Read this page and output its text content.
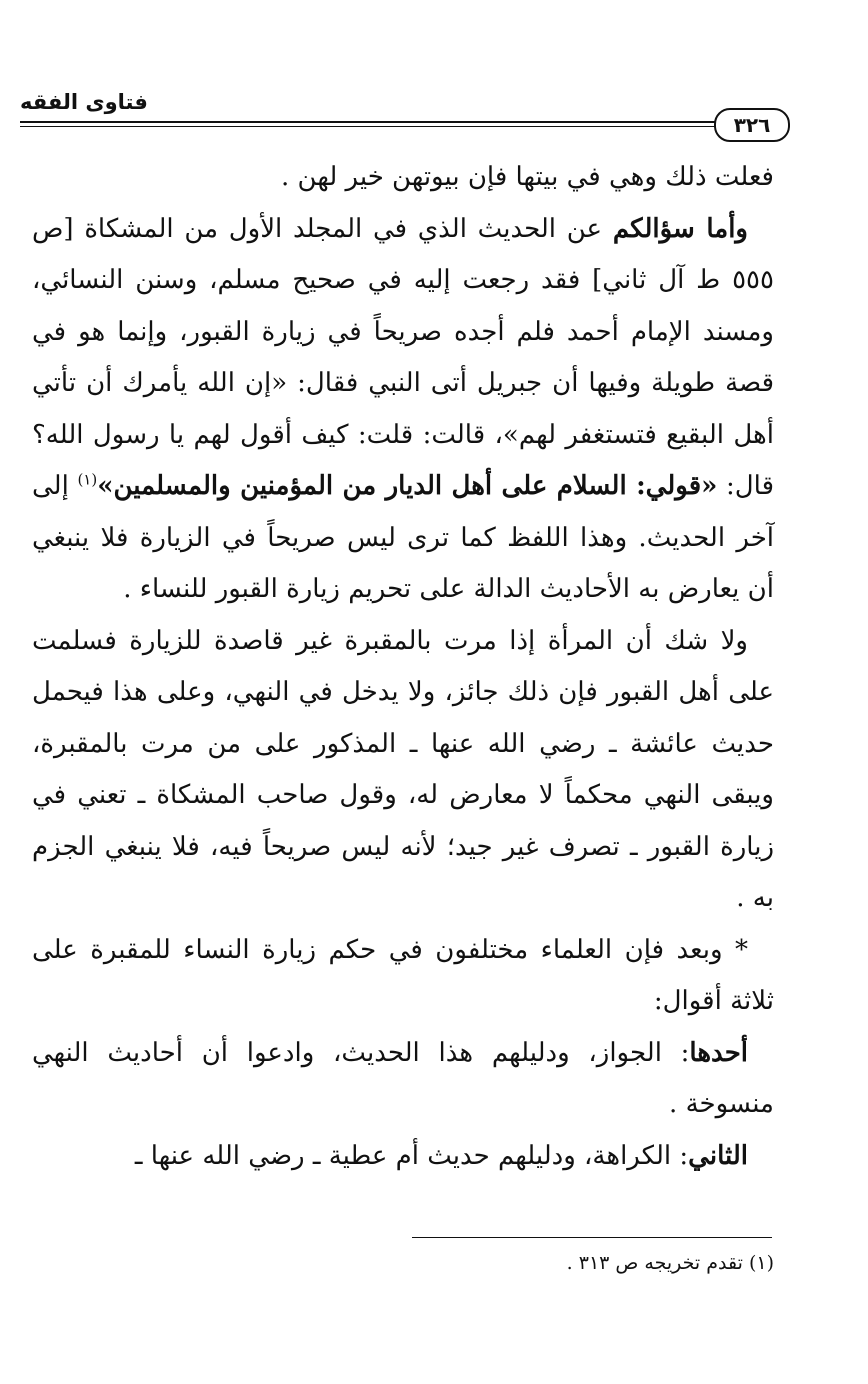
٣٢٦
فتاوى الفقه

فعلت ذلك وهي في بيتها فإن بيوتهن خير لهن .

وأما سؤالكم عن الحديث الذي في المجلد الأول من المشكاة [ص ٥٥٥ ط آل ثاني] فقد رجعت إليه في صحيح مسلم، وسنن النسائي، ومسند الإمام أحمد فلم أجده صريحاً في زيارة القبور، وإنما هو في قصة طويلة وفيها أن جبريل أتى النبي فقال: «إن الله يأمرك أن تأتي أهل البقيع فتستغفر لهم»، قالت: قلت: كيف أقول لهم يا رسول الله؟ قال: «قولي: السلام على أهل الديار من المؤمنين والمسلمين»$^{(١)}$ إلى آخر الحديث. وهذا اللفظ كما ترى ليس صريحاً في الزيارة فلا ينبغي أن يعارض به الأحاديث الدالة على تحريم زيارة القبور للنساء .

ولا شك أن المرأة إذا مرت بالمقبرة غير قاصدة للزيارة فسلمت على أهل القبور فإن ذلك جائز، ولا يدخل في النهي، وعلى هذا فيحمل حديث عائشة ـ رضي الله عنها ـ المذكور على من مرت بالمقبرة، ويبقى النهي محكماً لا معارض له، وقول صاحب المشكاة ـ تعني في زيارة القبور ـ تصرف غير جيد؛ لأنه ليس صريحاً فيه، فلا ينبغي الجزم به .

* وبعد فإن العلماء مختلفون في حكم زيارة النساء للمقبرة على ثلاثة أقوال:

أحدها: الجواز، ودليلهم هذا الحديث، وادعوا أن أحاديث النهي منسوخة .

الثاني: الكراهة، ودليلهم حديث أم عطية ـ رضي الله عنها ـ

(١) تقدم تخريجه ص ٣١٣ .
